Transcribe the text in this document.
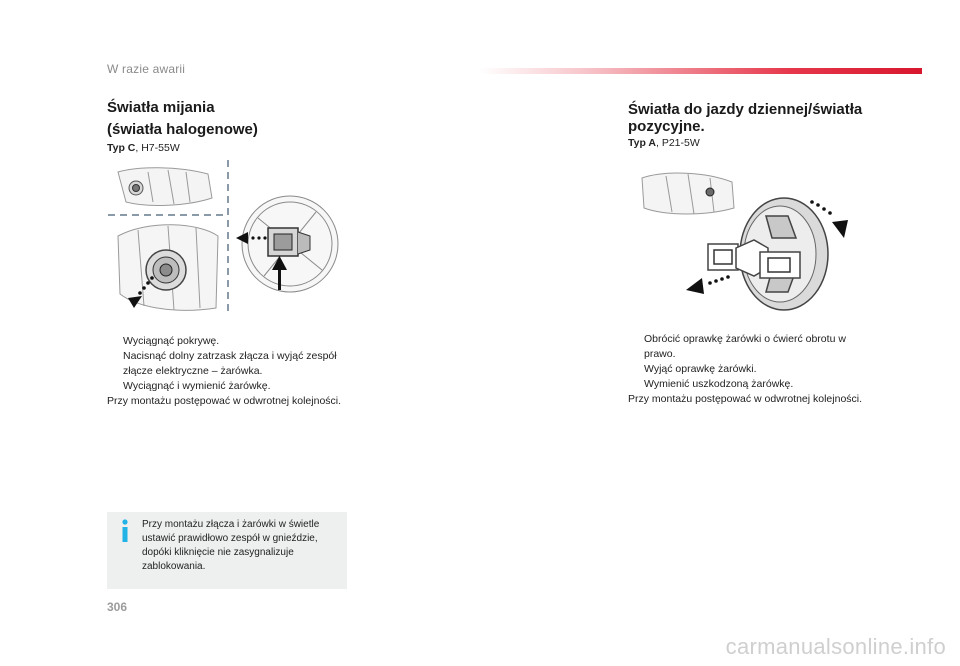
W razie awarii
Światła mijania
(światła halogenowe)
Typ C, H7-55W
Wyciągnąć pokrywę.
Nacisnąć dolny zatrzask złącza i wyjąć zespół złącze elektryczne – żarówka.
Wyciągnąć i wymienić żarówkę.
Przy montażu postępować w odwrotnej kolejności.
Przy montażu złącza i żarówki w świetle ustawić prawidłowo zespół w gnieździe, dopóki kliknięcie nie zasygnalizuje zablokowania.
Światła do jazdy dziennej/światła
pozycyjne.
Typ A, P21-5W
Obrócić oprawkę żarówki o ćwierć obrotu w prawo.
Wyjąć oprawkę żarówki.
Wymienić uszkodzoną żarówkę.
Przy montażu postępować w odwrotnej kolejności.
306
carmanualsonline.info
